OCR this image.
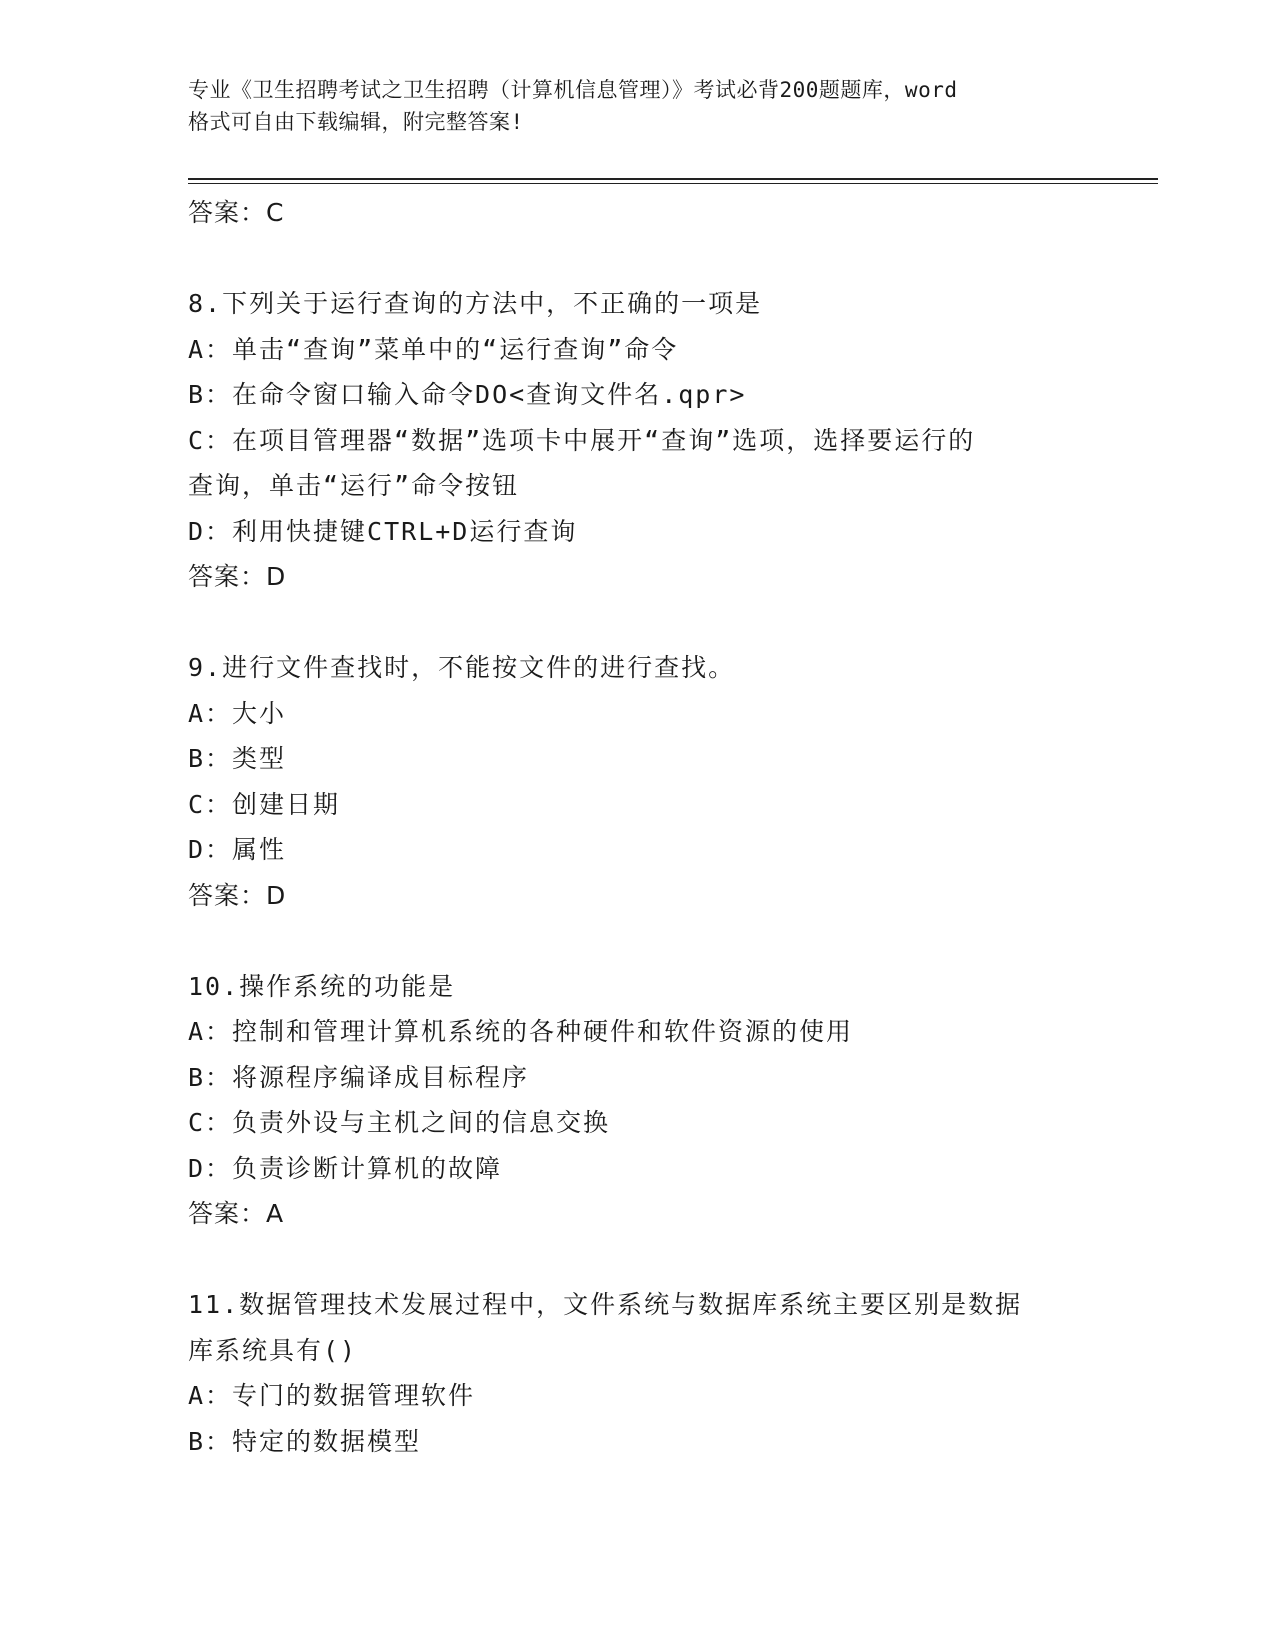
专业《卫生招聘考试之卫生招聘（计算机信息管理）》考试必背200题题库，word
格式可自由下载编辑，附完整答案!
答案：C
8.下列关于运行查询的方法中，不正确的一项是
A：单击“查询”菜单中的“运行查询”命令
B：在命令窗口输入命令DO<查询文件名.qpr>
C：在项目管理器“数据”选项卡中展开“查询”选项，选择要运行的
查询，单击“运行”命令按钮
D：利用快捷键CTRL+D运行查询
答案：D
9.进行文件查找时，不能按文件的进行查找。
A：大小
B：类型
C：创建日期
D：属性
答案：D
10.操作系统的功能是
A：控制和管理计算机系统的各种硬件和软件资源的使用
B：将源程序编译成目标程序
C：负责外设与主机之间的信息交换
D：负责诊断计算机的故障
答案：A
11.数据管理技术发展过程中，文件系统与数据库系统主要区别是数据
库系统具有()
A：专门的数据管理软件
B：特定的数据模型
